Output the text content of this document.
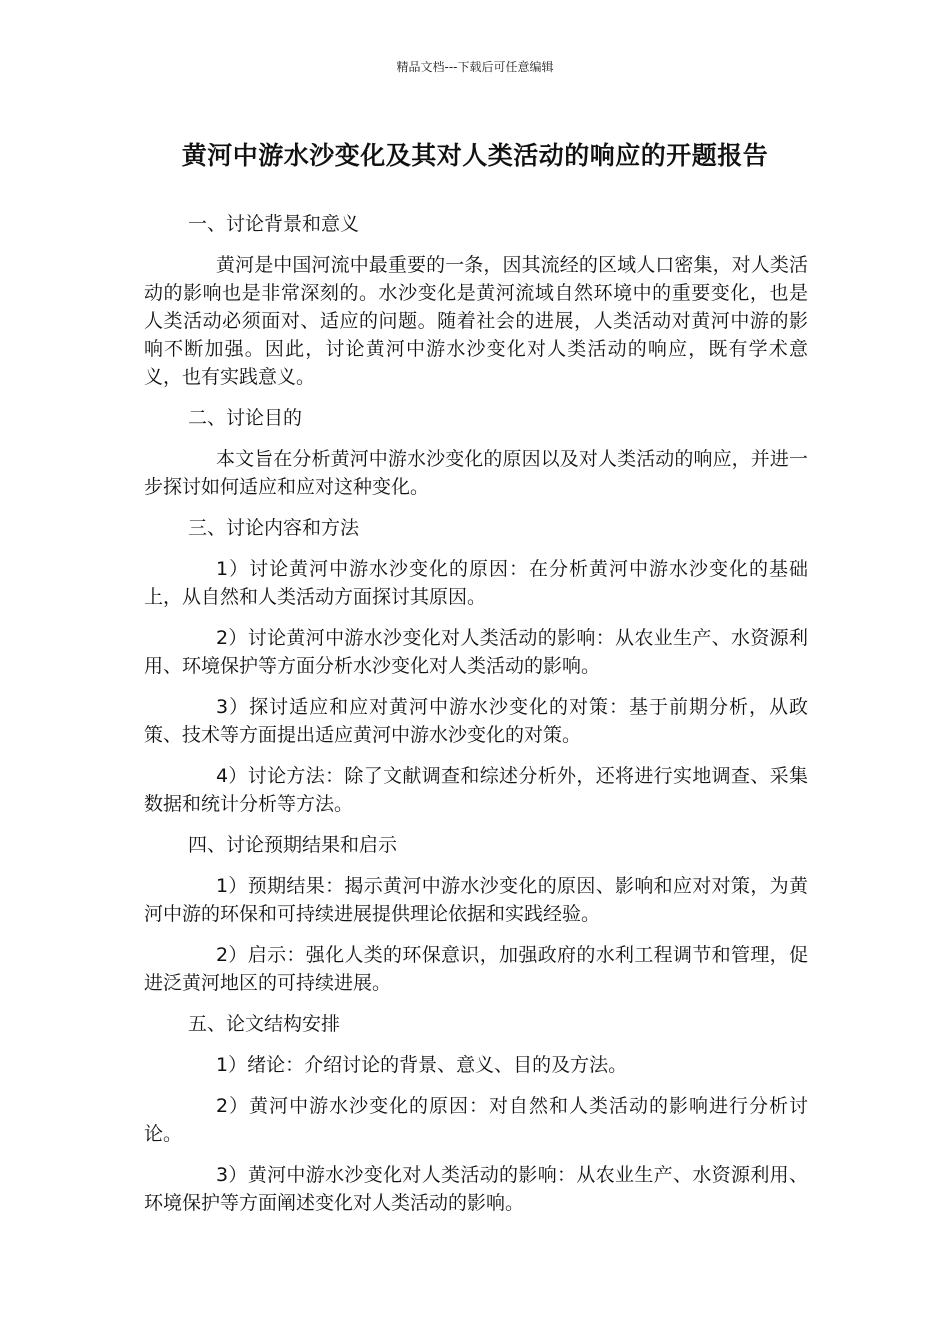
精品文档---下载后可任意编辑
黄河中游水沙变化及其对人类活动的响应的开题报告
一、讨论背景和意义
黄河是中国河流中最重要的一条，因其流经的区域人口密集，对人类活动的影响也是非常深刻的。水沙变化是黄河流域自然环境中的重要变化，也是人类活动必须面对、适应的问题。随着社会的进展，人类活动对黄河中游的影响不断加强。因此，讨论黄河中游水沙变化对人类活动的响应，既有学术意义，也有实践意义。
二、讨论目的
本文旨在分析黄河中游水沙变化的原因以及对人类活动的响应，并进一步探讨如何适应和应对这种变化。
三、讨论内容和方法
1）讨论黄河中游水沙变化的原因：在分析黄河中游水沙变化的基础上，从自然和人类活动方面探讨其原因。
2）讨论黄河中游水沙变化对人类活动的影响：从农业生产、水资源利用、环境保护等方面分析水沙变化对人类活动的影响。
3）探讨适应和应对黄河中游水沙变化的对策：基于前期分析，从政策、技术等方面提出适应黄河中游水沙变化的对策。
4）讨论方法：除了文献调查和综述分析外，还将进行实地调查、采集数据和统计分析等方法。
四、讨论预期结果和启示
1）预期结果：揭示黄河中游水沙变化的原因、影响和应对对策，为黄河中游的环保和可持续进展提供理论依据和实践经验。
2）启示：强化人类的环保意识，加强政府的水利工程调节和管理，促进泛黄河地区的可持续进展。
五、论文结构安排
1）绪论：介绍讨论的背景、意义、目的及方法。
2）黄河中游水沙变化的原因：对自然和人类活动的影响进行分析讨论。
3）黄河中游水沙变化对人类活动的影响：从农业生产、水资源利用、环境保护等方面阐述变化对人类活动的影响。
